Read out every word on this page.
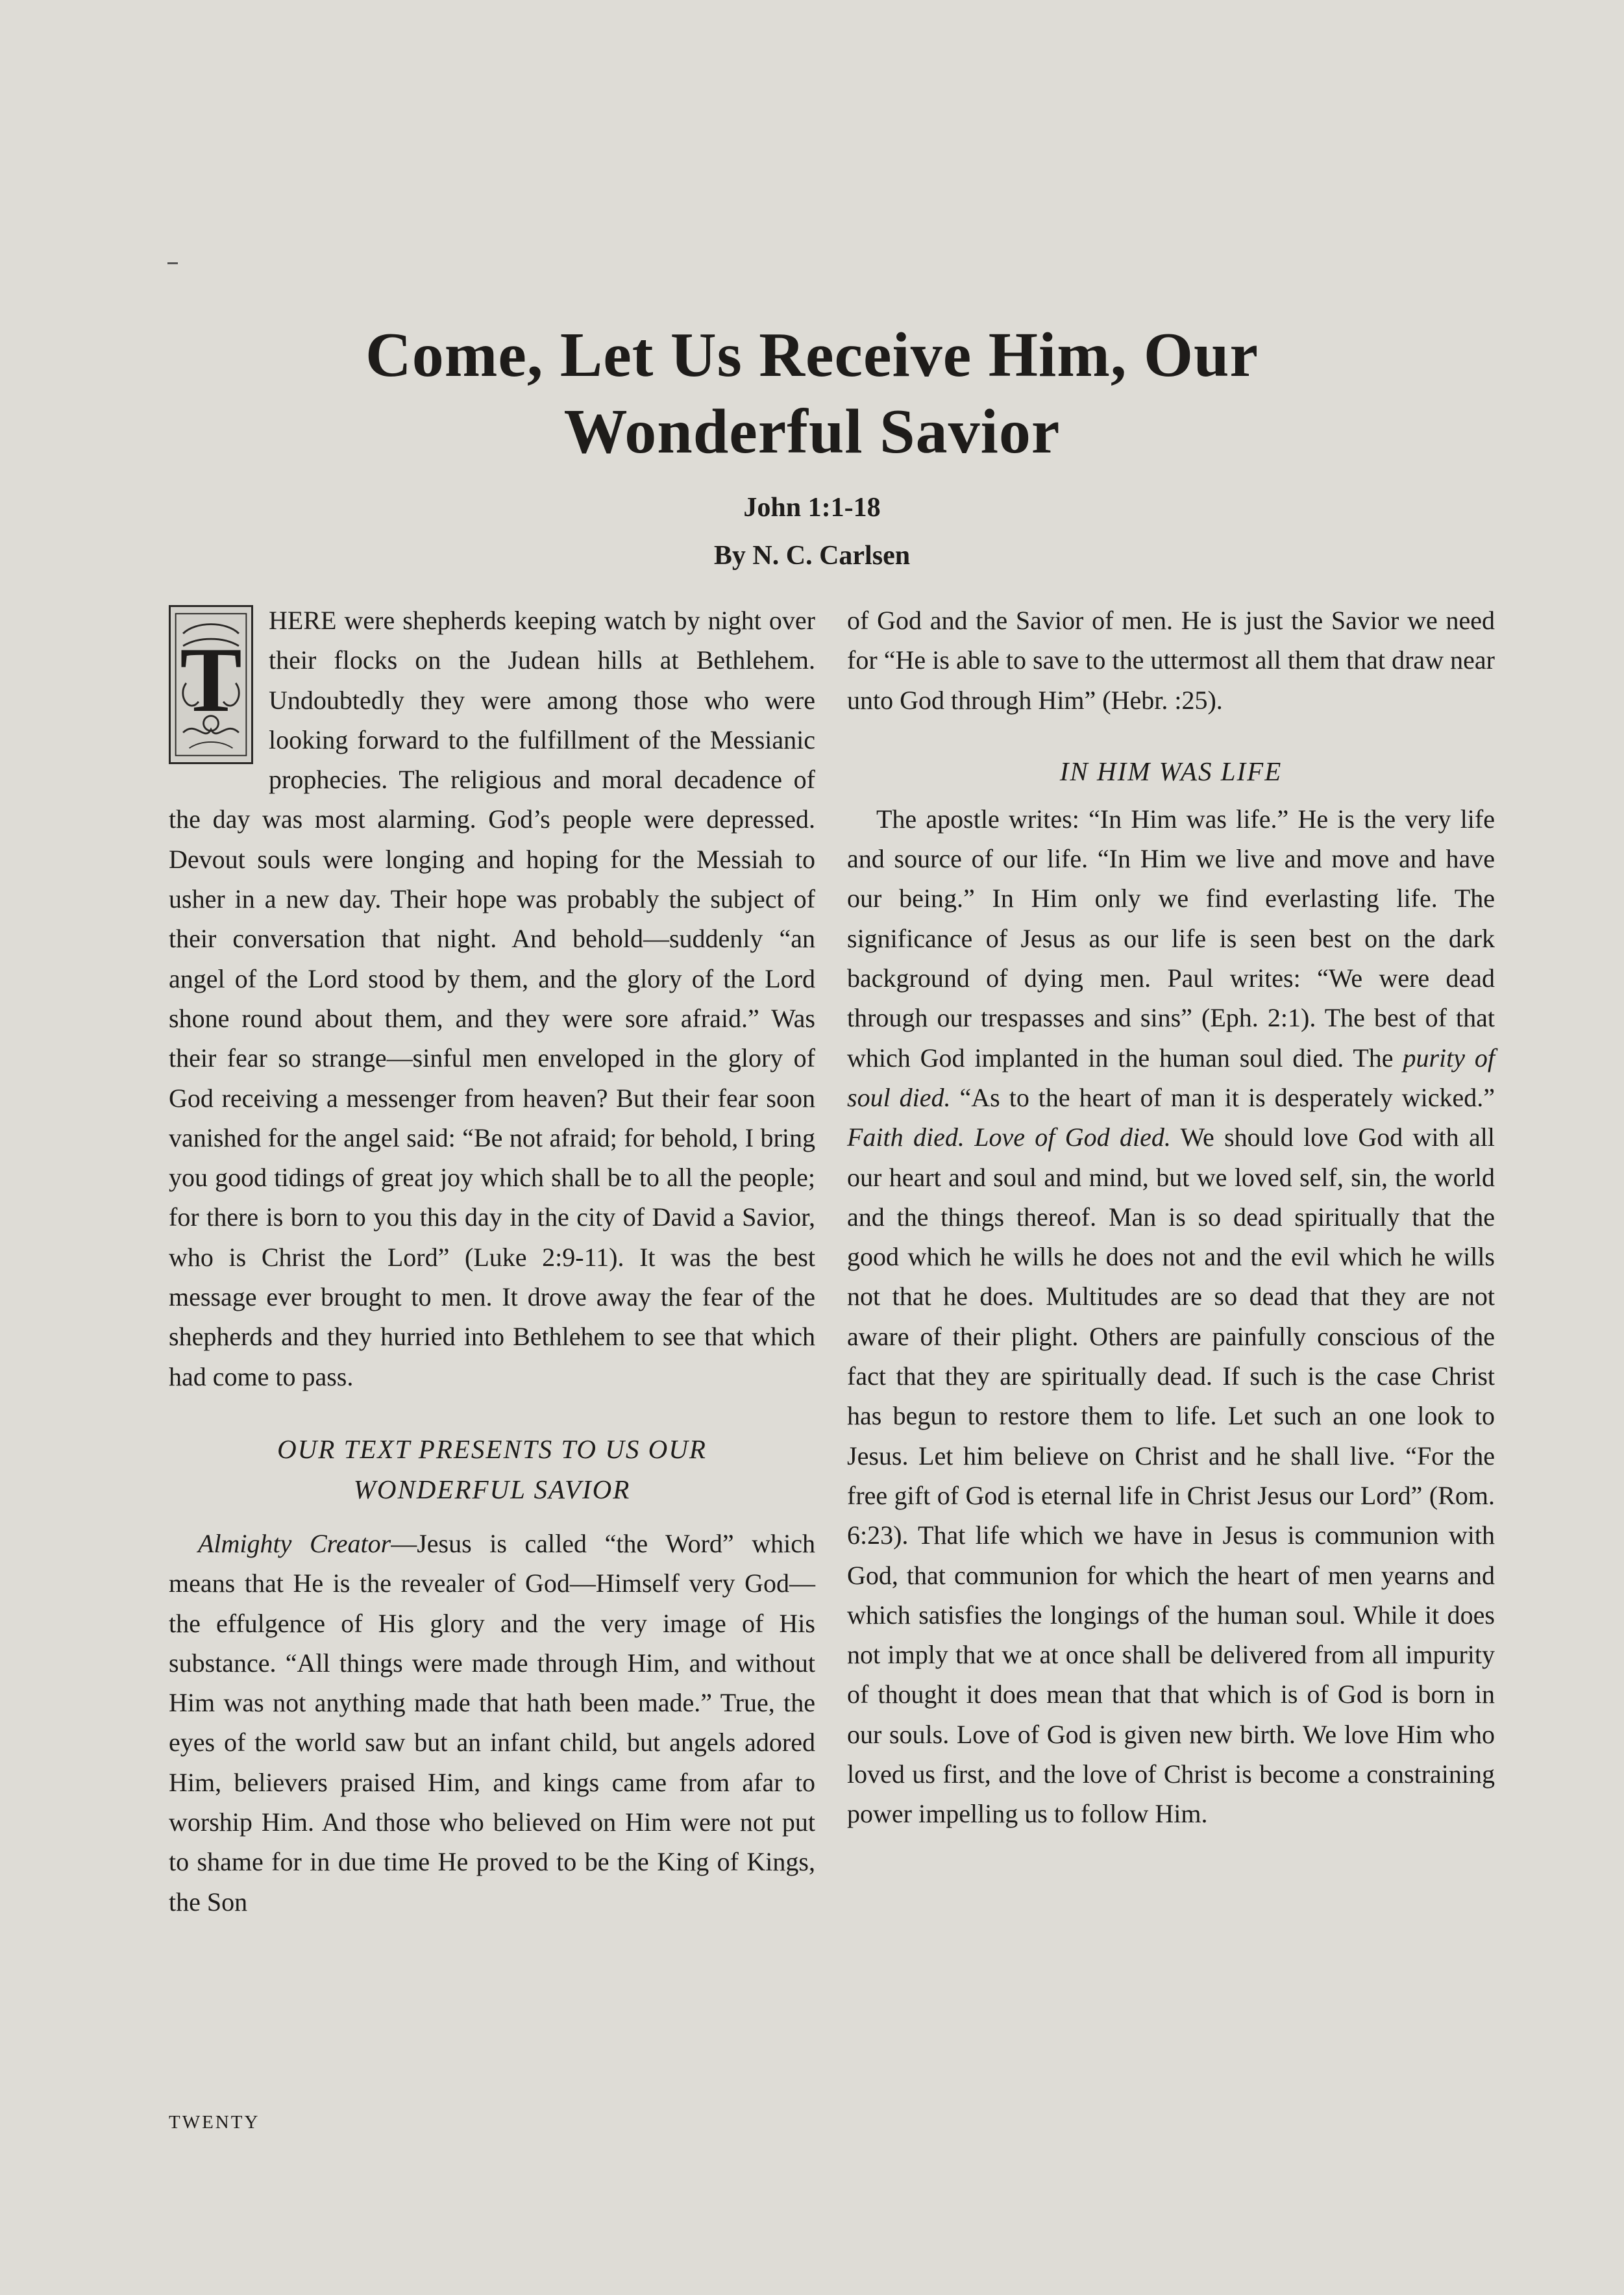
Come, Let Us Receive Him, Our
Wonderful Savior

John 1:1-18

By N. C. Carlsen

T
HERE were shepherds keeping watch by night over their flocks on the Judean hills at Bethlehem. Undoubtedly they were among those who were looking forward to the fulfillment of the Messianic prophecies. The religious and moral decadence of the day was most alarming. God’s people were depressed. Devout souls were longing and hoping for the Messiah to usher in a new day. Their hope was probably the subject of their conversation that night. And behold—suddenly “an angel of the Lord stood by them, and the glory of the Lord shone round about them, and they were sore afraid.” Was their fear so strange—sinful men enveloped in the glory of God receiving a messenger from heaven? But their fear soon vanished for the angel said: “Be not afraid; for behold, I bring you good tidings of great joy which shall be to all the people; for there is born to you this day in the city of David a Savior, who is Christ the Lord” (Luke 2:9-11). It was the best message ever brought to men. It drove away the fear of the shepherds and they hurried into Bethlehem to see that which had come to pass.

OUR TEXT PRESENTS TO US OUR
WONDERFUL SAVIOR

Almighty Creator—Jesus is called “the Word” which means that He is the revealer of God—Himself very God—the effulgence of His glory and the very image of His substance. “All things were made through Him, and without Him was not anything made that hath been made.” True, the eyes of the world saw but an infant child, but angels adored Him, believers praised Him, and kings came from afar to worship Him. And those who believed on Him were not put to shame for in due time He proved to be the King of Kings, the Son

of God and the Savior of men. He is just the Savior we need for “He is able to save to the uttermost all them that draw near unto God through Him” (Hebr. :25).

IN HIM WAS LIFE

The apostle writes: “In Him was life.” He is the very life and source of our life. “In Him we live and move and have our being.” In Him only we find everlasting life. The significance of Jesus as our life is seen best on the dark background of dying men. Paul writes: “We were dead through our trespasses and sins” (Eph. 2:1). The best of that which God implanted in the human soul died. The purity of soul died. “As to the heart of man it is desperately wicked.” Faith died. Love of God died. We should love God with all our heart and soul and mind, but we loved self, sin, the world and the things thereof. Man is so dead spiritually that the good which he wills he does not and the evil which he wills not that he does. Multitudes are so dead that they are not aware of their plight. Others are painfully conscious of the fact that they are spiritually dead. If such is the case Christ has begun to restore them to life. Let such an one look to Jesus. Let him believe on Christ and he shall live. “For the free gift of God is eternal life in Christ Jesus our Lord” (Rom. 6:23). That life which we have in Jesus is communion with God, that communion for which the heart of men yearns and which satisfies the longings of the human soul. While it does not imply that we at once shall be delivered from all impurity of thought it does mean that that which is of God is born in our souls. Love of God is given new birth. We love Him who loved us first, and the love of Christ is become a constraining power impelling us to follow Him.

TWENTY
